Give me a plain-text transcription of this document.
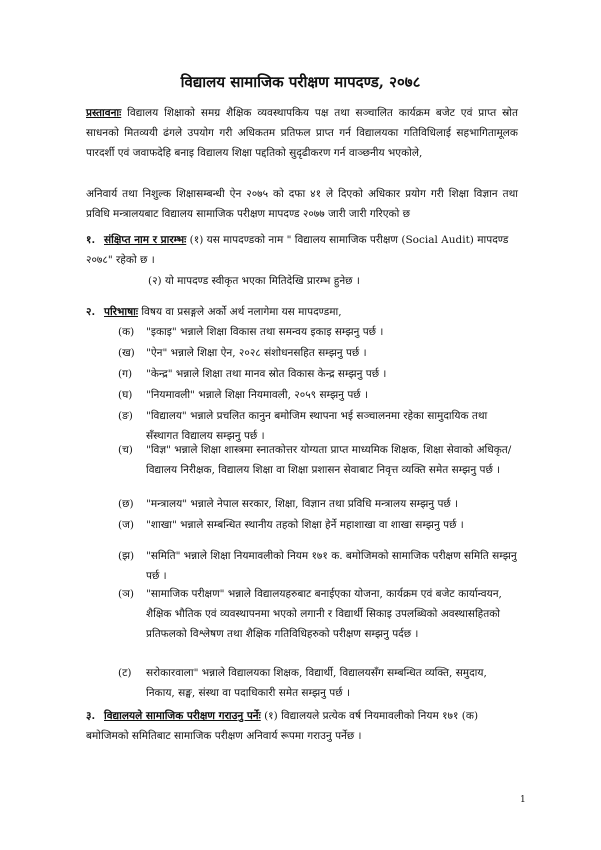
विद्यालय सामाजिक परीक्षण मापदण्ड, २०७८

प्रस्तावनाः विद्यालय शिक्षाको समग्र शैक्षिक व्यवस्थापकिय पक्ष तथा सञ्चालित कार्यक्रम बजेट एवं प्राप्त स्रोत साधनको मितव्ययी ढंगले उपयोग गरी अधिकतम प्रतिफल प्राप्त गर्न विद्यालयका गतिविधिलाई सहभागितामूलक पारदर्शी एवं जवाफदेहि बनाइ विद्यालय शिक्षा पद्दतिको सुदृढीकरण गर्न वाञ्छनीय भएकोले,

अनिवार्य तथा निशुल्क शिक्षासम्बन्धी ऐन २०७५ को दफा ४१ ले दिएको अधिकार प्रयोग गरी शिक्षा विज्ञान तथा प्रविधि मन्त्रालयबाट विद्यालय सामाजिक परीक्षण मापदण्ड २०७७ जारी जारी गरिएको छ

१. संक्षिप्त नाम र प्रारम्भः (१) यस मापदण्डको नाम " विद्यालय सामाजिक परीक्षण (Social Audit) मापदण्ड २०७८" रहेको छ ।

(२) यो मापदण्ड स्वीकृत भएका मितिदेखि प्रारम्भ हुनेछ ।

२. परिभाषाः विषय वा प्रसङ्गले अर्को अर्थ नलागेमा यस मापदण्डमा,

(क)	"इकाइ" भन्नाले शिक्षा विकास तथा समन्वय इकाइ सम्झनु पर्छ ।
(ख)	"ऐन" भन्नाले शिक्षा ऐन, २०२८ संशोधनसहित सम्झनु पर्छ ।
(ग)	"केन्द्र" भन्नाले शिक्षा तथा मानव स्रोत विकास केन्द्र सम्झनु पर्छ ।
(घ)	"नियमावली" भन्नाले शिक्षा नियमावली, २०५९ सम्झनु पर्छ ।
(ङ)	"विद्यालय" भन्नाले प्रचलित कानुन बमोजिम स्थापना भई सञ्चालनमा रहेका सामुदायिक तथा सँस्थागत विद्यालय सम्झनु पर्छ ।
(च)	"विज्ञ" भन्नाले शिक्षा शास्त्रमा स्नातकोत्तर योग्यता प्राप्त माध्यमिक शिक्षक, शिक्षा सेवाको अधिकृत/विद्यालय निरीक्षक, विद्यालय शिक्षा वा शिक्षा प्रशासन सेवाबाट निवृत्त व्यक्ति समेत सम्झनु पर्छ ।
(छ)	"मन्त्रालय" भन्नाले नेपाल सरकार, शिक्षा, विज्ञान तथा प्रविधि मन्त्रालय सम्झनु पर्छ ।
(ज)	"शाखा" भन्नाले सम्बन्धित स्थानीय तहको शिक्षा हेर्ने महाशाखा वा शाखा सम्झनु पर्छ ।
(झ)	"समिति" भन्नाले शिक्षा नियमावलीको नियम १७१ क. बमोजिमको सामाजिक परीक्षण समिति सम्झनु पर्छ ।
(ञ)	"सामाजिक परीक्षण" भन्नाले विद्यालयहरुबाट बनाईएका योजना, कार्यक्रम एवं बजेट कार्यान्वयन, शैक्षिक भौतिक एवं व्यवस्थापनमा भएको लगानी र विद्यार्थी सिकाइ उपलब्धिको अवस्थासहितको प्रतिफलको विश्लेषण तथा शैक्षिक गतिविधिहरुको परीक्षण सम्झनु पर्दछ ।
(ट)	सरोकारवाला" भन्नाले विद्यालयका शिक्षक, विद्यार्थी, विद्यालयसँग सम्बन्धित व्यक्ति, समुदाय, निकाय, सङ्घ, संस्था वा पदाधिकारी समेत सम्झनु पर्छ ।

३. विद्यालयले सामाजिक परीक्षण गराउनु पर्नेः (१) विद्यालयले प्रत्येक वर्ष नियमावलीको नियम १७१ (क) बमोजिमको समितिबाट सामाजिक परीक्षण अनिवार्य रूपमा गराउनु पर्नेछ ।

1
